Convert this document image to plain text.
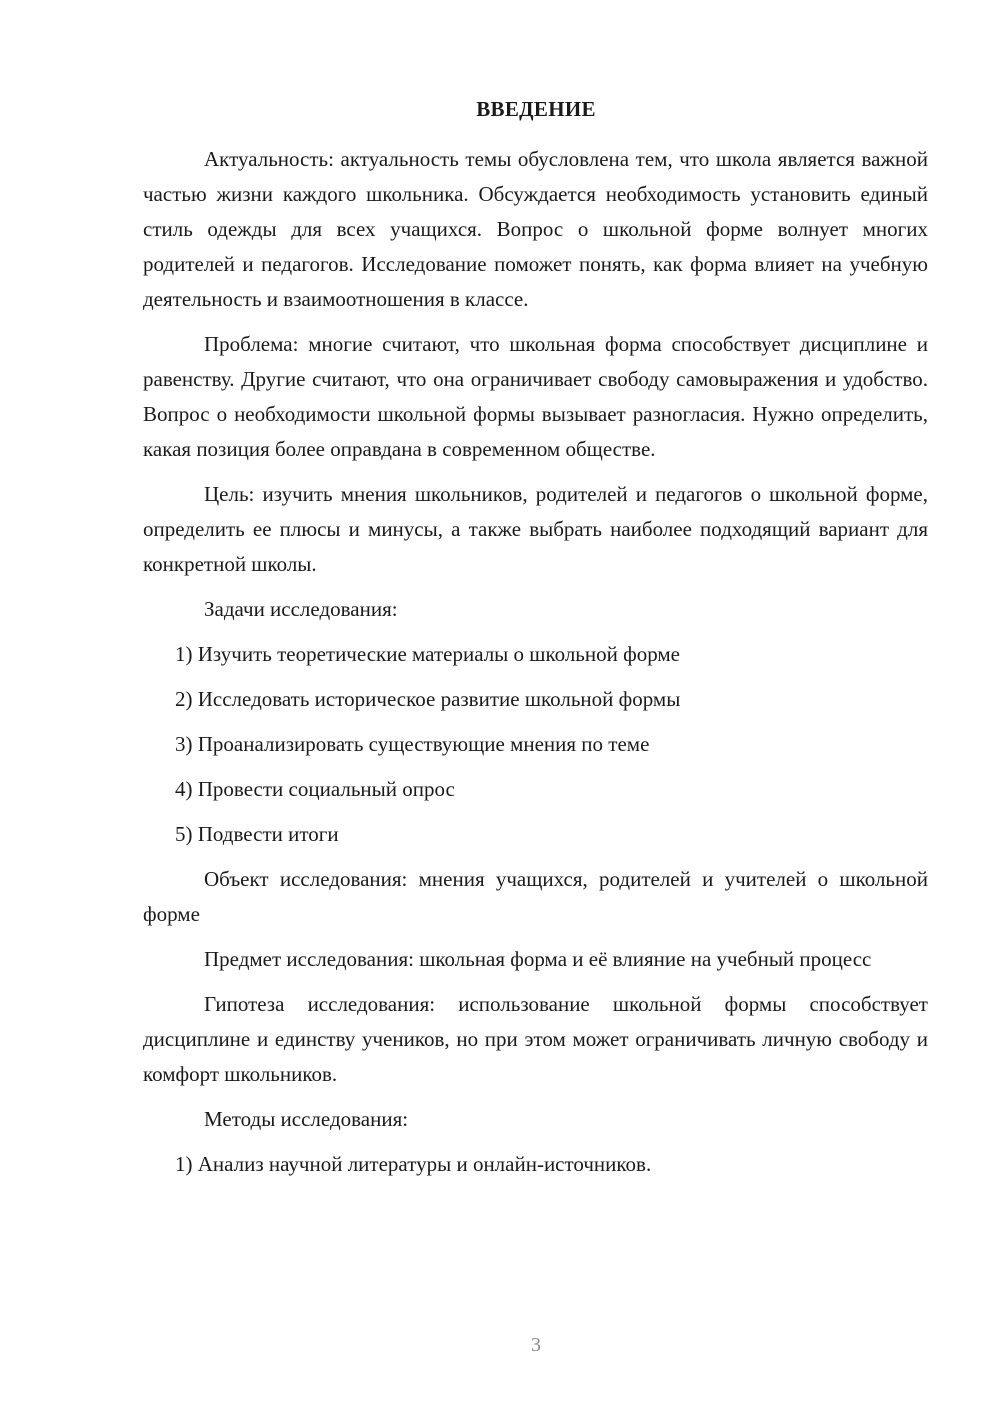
ВВЕДЕНИЕ

Актуальность: актуальность темы обусловлена тем, что школа является важной частью жизни каждого школьника. Обсуждается необходимость установить единый стиль одежды для всех учащихся. Вопрос о школьной форме волнует многих родителей и педагогов. Исследование поможет понять, как форма влияет на учебную деятельность и взаимоотношения в классе.

Проблема: многие считают, что школьная форма способствует дисциплине и равенству. Другие считают, что она ограничивает свободу самовыражения и удобство. Вопрос о необходимости школьной формы вызывает разногласия. Нужно определить, какая позиция более оправдана в современном обществе.

Цель: изучить мнения школьников, родителей и педагогов о школьной форме, определить ее плюсы и минусы, а также выбрать наиболее подходящий вариант для конкретной школы.

Задачи исследования:

1) Изучить теоретические материалы о школьной форме

2) Исследовать историческое развитие школьной формы

3) Проанализировать существующие мнения по теме

4) Провести социальный опрос

5) Подвести итоги

Объект исследования: мнения учащихся, родителей и учителей о школьной форме

Предмет исследования: школьная форма и её влияние на учебный процесс

Гипотеза исследования: использование школьной формы способствует дисциплине и единству учеников, но при этом может ограничивать личную свободу и комфорт школьников.

Методы исследования:

1) Анализ научной литературы и онлайн-источников.

3
